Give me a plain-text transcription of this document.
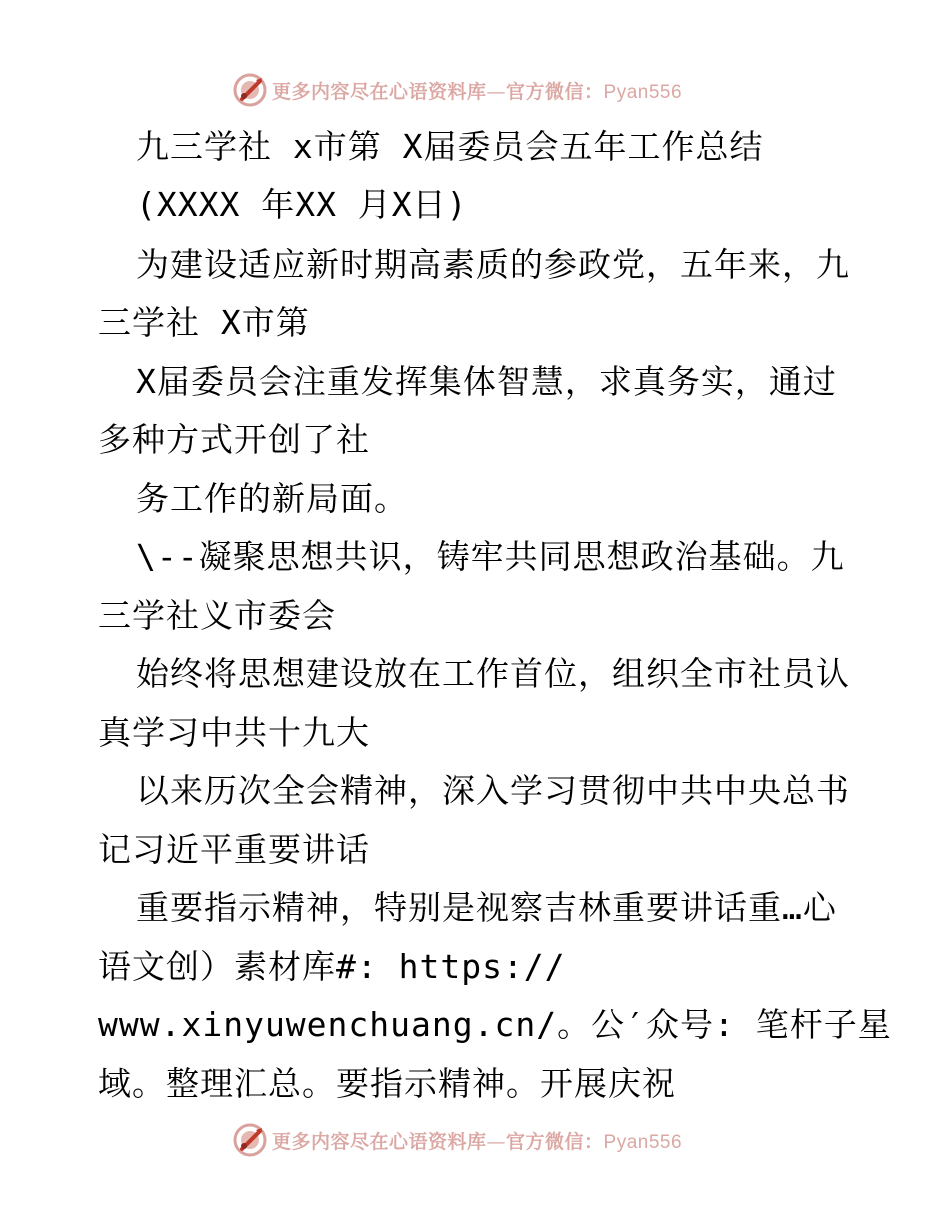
更多内容尽在心语资料库—官方微信：Pyan556
九三学社 x市第 X届委员会五年工作总结
(XXXX 年XX 月X日)
为建设适应新时期高素质的参政党，五年来，九
三学社 X市第
X届委员会注重发挥集体智慧，求真务实，通过
多种方式开创了社
务工作的新局面。
\--凝聚思想共识，铸牢共同思想政治基础。九
三学社义市委会
始终将思想建设放在工作首位，组织全市社员认
真学习中共十九大
以来历次全会精神，深入学习贯彻中共中央总书
记习近平重要讲话
重要指示精神，特别是视察吉林重要讲话重…心
语文创）素材库#: https://
www.xinyuwenchuang.cn/。公′众号: 笔杆子星
域。整理汇总。要指示精神。开展庆祝
更多内容尽在心语资料库—官方微信：Pyan556
